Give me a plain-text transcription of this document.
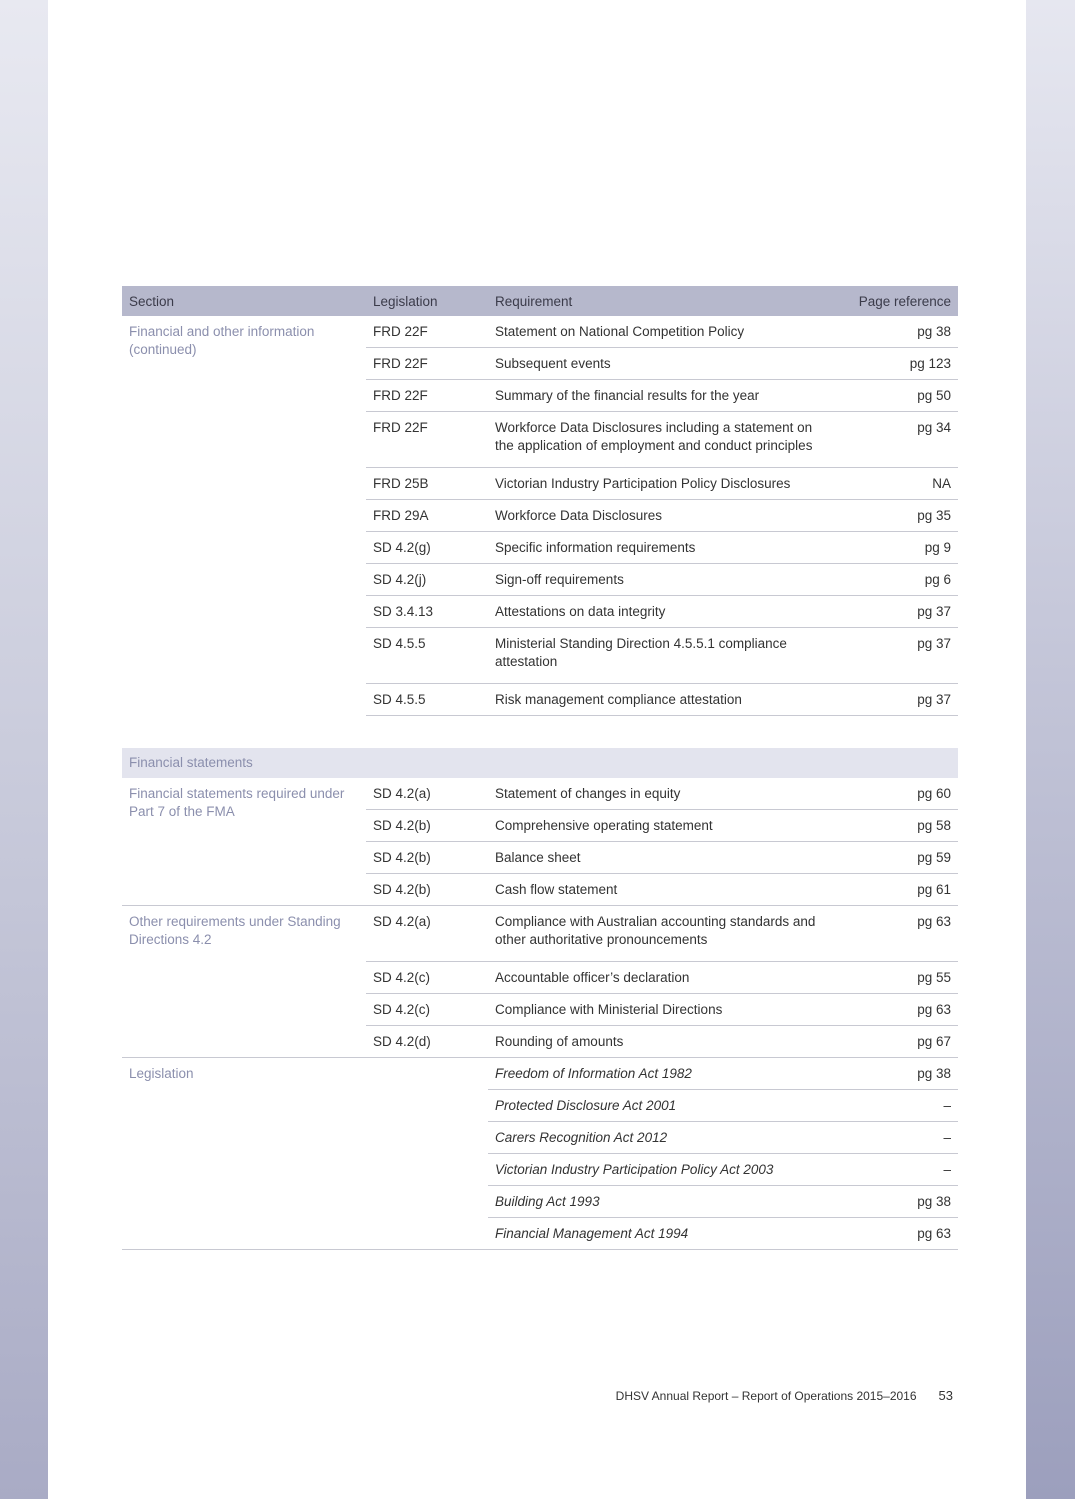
Section	Legislation	Requirement	Page reference
Financial and other information (continued)	FRD 22F	Statement on National Competition Policy	pg 38
	FRD 22F	Subsequent events	pg 123
	FRD 22F	Summary of the financial results for the year	pg 50
	FRD 22F	Workforce Data Disclosures including a statement on the application of employment and conduct principles	pg 34
	FRD 25B	Victorian Industry Participation Policy Disclosures	NA
	FRD 29A	Workforce Data Disclosures	pg 35
	SD 4.2(g)	Specific information requirements	pg 9
	SD 4.2(j)	Sign-off requirements	pg 6
	SD 3.4.13	Attestations on data integrity	pg 37
	SD 4.5.5	Ministerial Standing Direction 4.5.5.1 compliance attestation	pg 37
	SD 4.5.5	Risk management compliance attestation	pg 37

Financial statements			
Financial statements required under Part 7 of the FMA	SD 4.2(a)	Statement of changes in equity	pg 60
	SD 4.2(b)	Comprehensive operating statement	pg 58
	SD 4.2(b)	Balance sheet	pg 59
	SD 4.2(b)	Cash flow statement	pg 61
Other requirements under Standing Directions 4.2	SD 4.2(a)	Compliance with Australian accounting standards and other authoritative pronouncements	pg 63
	SD 4.2(c)	Accountable officer’s declaration	pg 55
	SD 4.2(c)	Compliance with Ministerial Directions	pg 63
	SD 4.2(d)	Rounding of amounts	pg 67
Legislation		Freedom of Information Act 1982	pg 38
		Protected Disclosure Act 2001	–
		Carers Recognition Act 2012	–
		Victorian Industry Participation Policy Act 2003	–
		Building Act 1993	pg 38
		Financial Management Act 1994	pg 63
DHSV Annual Report – Report of Operations 2015–2016 53
